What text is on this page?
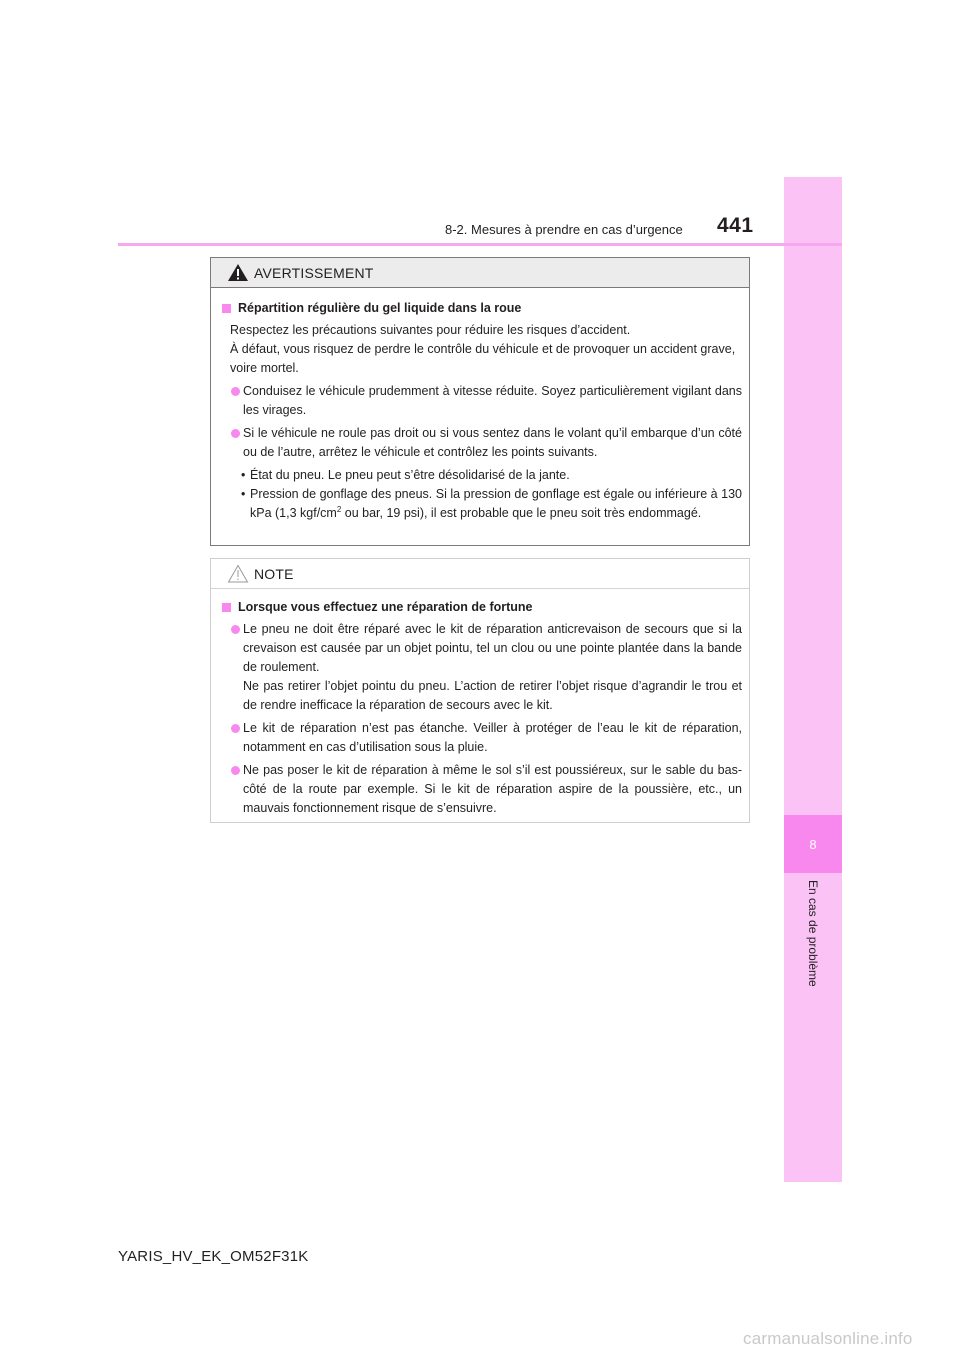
8
En cas de problème
8-2. Mesures à prendre en cas d’urgence 441
AVERTISSEMENT
Répartition régulière du gel liquide dans la roue
Respectez les précautions suivantes pour réduire les risques d’accident.
À défaut, vous risquez de perdre le contrôle du véhicule et de provoquer un accident grave, voire mortel.
Conduisez le véhicule prudemment à vitesse réduite. Soyez particulièrement vigilant dans les virages.
Si le véhicule ne roule pas droit ou si vous sentez dans le volant qu’il embarque d’un côté ou de l’autre, arrêtez le véhicule et contrôlez les points suivants.
• État du pneu. Le pneu peut s’être désolidarisé de la jante.
• Pression de gonflage des pneus. Si la pression de gonflage est égale ou inférieure à 130 kPa (1,3 kgf/$cm^2$ ou bar, 19 psi), il est probable que le pneu soit très endommagé.
NOTE
Lorsque vous effectuez une réparation de fortune
Le pneu ne doit être réparé avec le kit de réparation anticrevaison de secours que si la crevaison est causée par un objet pointu, tel un clou ou une pointe plantée dans la bande de roulement.
Ne pas retirer l’objet pointu du pneu. L’action de retirer l’objet risque d’agrandir le trou et de rendre inefficace la réparation de secours avec le kit.
Le kit de réparation n’est pas étanche. Veiller à protéger de l’eau le kit de réparation, notamment en cas d’utilisation sous la pluie.
Ne pas poser le kit de réparation à même le sol s’il est poussiéreux, sur le sable du bas-côté de la route par exemple. Si le kit de réparation aspire de la poussière, etc., un mauvais fonctionnement risque de s’ensuivre.
YARIS_HV_EK_OM52F31K
carmanualsonline.info
